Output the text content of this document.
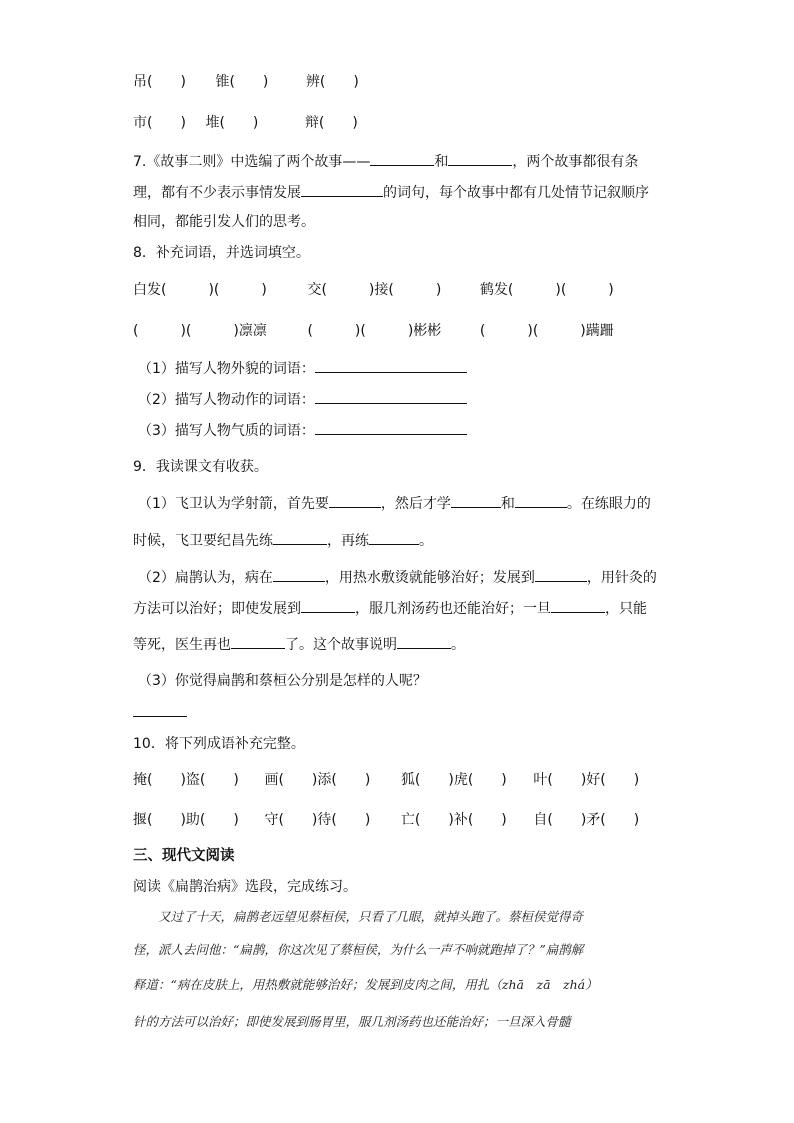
吊(　　) 锥(　　)	辨(　　)
市(　　) 堆(　　)	辩(　　)
7.《故事二则》中选编了两个故事——	和	，两个故事都很有条
理，都有不少表示事情发展	的词句，每个故事中都有几处情节记叙顺序
相同，都能引发人们的思考。
8．补充词语，并选词填空。
白发(　　　)(　　　)	交(　　　)接(　　　)	鹤发(　　　)(　　　)
(　　　)(　　　)凛凛	(　　　)(　　　)彬彬	(　　　)(　　　)蹒跚
（1）描写人物外貌的词语：
（2）描写人物动作的词语：
（3）描写人物气质的词语：
9．我读课文有收获。
（1）飞卫认为学射箭，首先要	，然后才学	和	。在练眼力的
时候，飞卫要纪昌先练	，再练	。
（2）扁鹊认为，病在	，用热水敷烫就能够治好；发展到	，用针灸的
方法可以治好；即使发展到	，服几剂汤药也还能治好；一旦	，只能
等死，医生再也	了。这个故事说明	。
（3）你觉得扁鹊和蔡桓公分别是怎样的人呢？
10．将下列成语补充完整。
掩(　　)盗(　　) 画(　　)添(　　) 狐(　　)虎(　　) 叶(　　)好(　　)
揠(　　)助(　　) 守(　　)待(　　) 亡(　　)补(　　) 自(　　)矛(　　)
三、现代文阅读
阅读《扁鹊治病》选段，完成练习。
　　又过了十天，扁鹊老远望见蔡桓侯，只看了几眼，就掉头跑了。蔡桓侯觉得奇
怪，派人去问他：“扁鹊，你这次见了蔡桓侯，为什么一声不响就跑掉了？”扁鹊解
释道：“病在皮肤上，用热敷就能够治好；发展到皮肉之间，用扎（zhā　zā　zhá）
针的方法可以治好；即使发展到肠胃里，服几剂汤药也还能治好；一旦深入骨髓
